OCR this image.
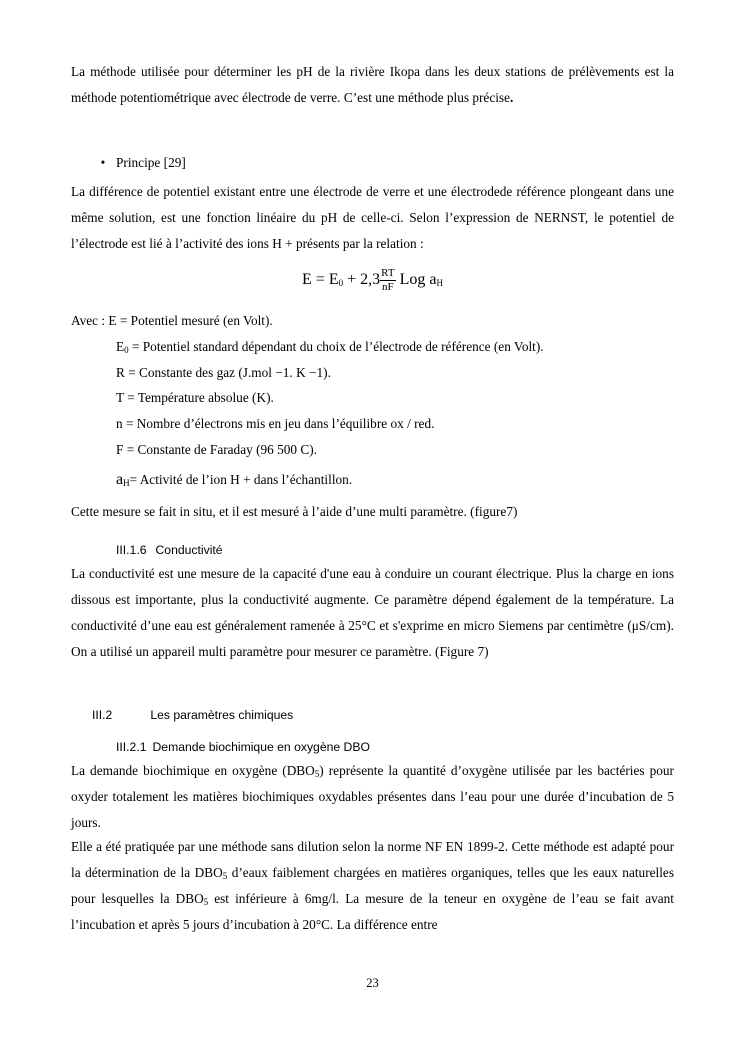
La méthode utilisée pour déterminer les pH de la rivière Ikopa dans les deux stations de prélèvements est la méthode potentiométrique avec électrode de verre. C’est une méthode plus précise.

• Principe [29]

La différence de potentiel existant entre une électrode de verre et une électrodede référence plongeant dans une même solution, est une fonction linéaire du pH de celle-ci. Selon l’expression de NERNST, le potentiel de l’électrode est lié à l’activité des ions H + présents par la relation :

$E = E_0 + 2,3 \frac{RT}{nF}$ Log $a_H$

Avec : E = Potentiel mesuré (en Volt).

$E_0$ = Potentiel standard dépendant du choix de l’électrode de référence (en Volt).

R = Constante des gaz (J.mol −1. K −1).

T = Température absolue (K).

n = Nombre d’électrons mis en jeu dans l’équilibre ox / red.

F = Constante de Faraday (96 500 C).

$a_H=$ Activité de l’ion H + dans l’échantillon.

Cette mesure se fait in situ, et il est mesuré à l’aide d’une multi paramètre. (figure7)

III.1.6 Conductivité

La conductivité est une mesure de la capacité d'une eau à conduire un courant électrique. Plus la charge en ions dissous est importante, plus la conductivité augmente. Ce paramètre dépend également de la température. La conductivité d’une eau est généralement ramenée à 25°C et s'exprime en micro Siemens par centimètre (μS/cm). On a utilisé un appareil multi paramètre pour mesurer ce paramètre. (Figure 7)

III.2	Les paramètres chimiques

III.2.1 Demande biochimique en oxygène DBO

La demande biochimique en oxygène $(DBO_5)$ représente la quantité d’oxygène utilisée par les bactéries pour oxyder totalement les matières biochimiques oxydables présentes dans l’eau pour une durée d’incubation de 5 jours.

Elle a été pratiquée par une méthode sans dilution selon la norme NF EN 1899-2. Cette méthode est adapté pour la détermination de la $DBO_5$ d’eaux faiblement chargées en matières organiques, telles que les eaux naturelles pour lesquelles la $DBO_5$ est inférieure à 6mg/l. La mesure de la teneur en oxygène de l’eau se fait avant l’incubation et après 5 jours d’incubation à 20°C. La différence entre

23
